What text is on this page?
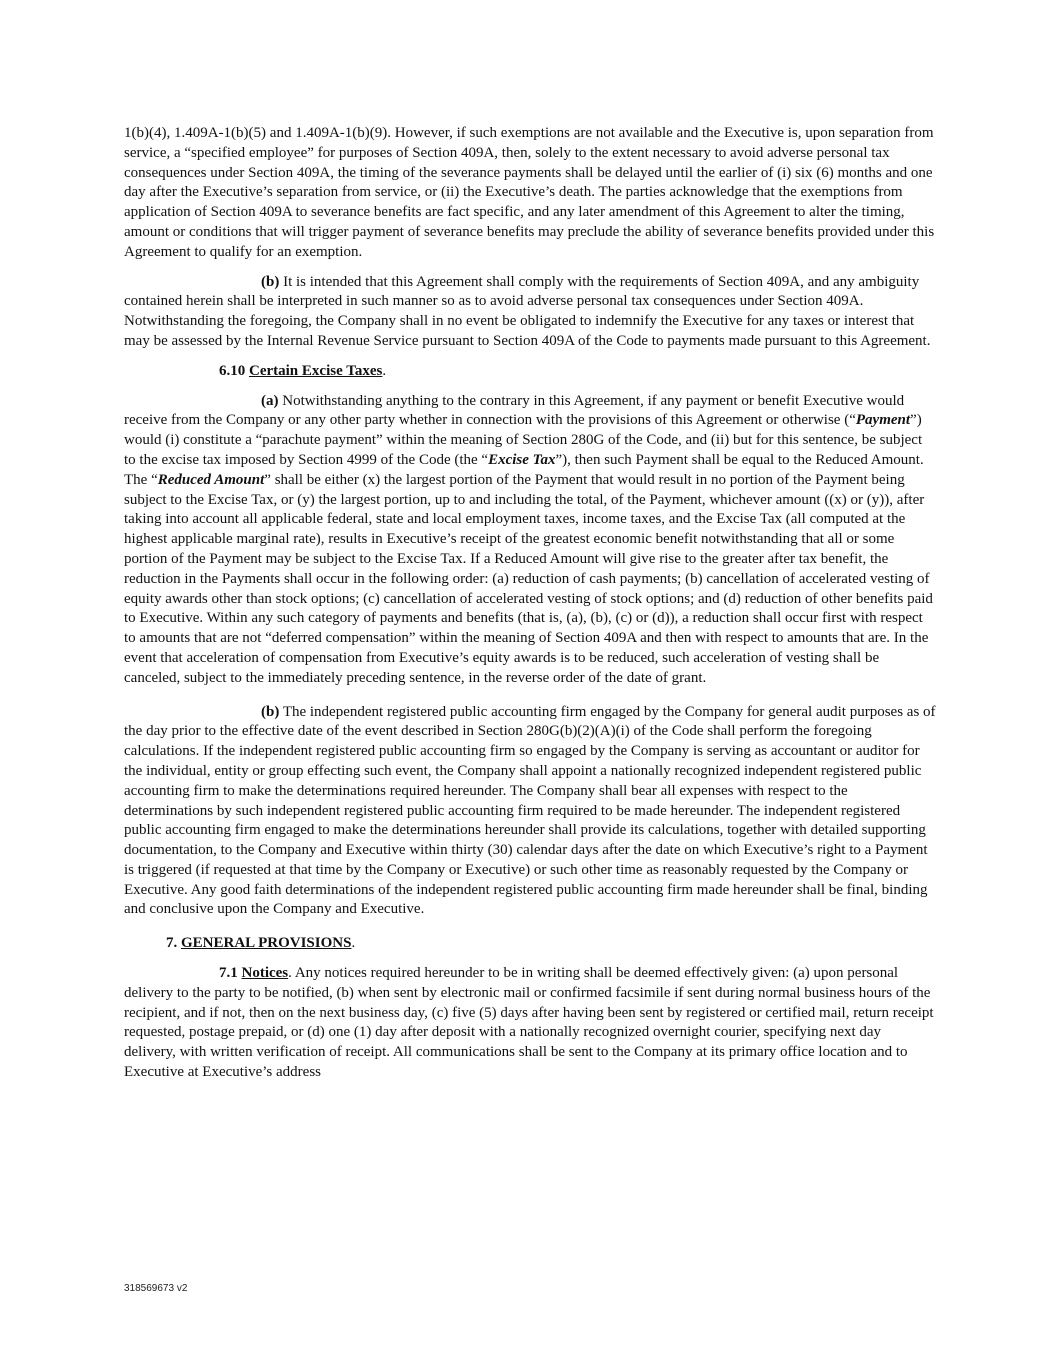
1(b)(4), 1.409A-1(b)(5) and 1.409A-1(b)(9). However, if such exemptions are not available and the Executive is, upon separation from service, a “specified employee” for purposes of Section 409A, then, solely to the extent necessary to avoid adverse personal tax consequences under Section 409A, the timing of the severance payments shall be delayed until the earlier of (i) six (6) months and one day after the Executive’s separation from service, or (ii) the Executive’s death. The parties acknowledge that the exemptions from application of Section 409A to severance benefits are fact specific, and any later amendment of this Agreement to alter the timing, amount or conditions that will trigger payment of severance benefits may preclude the ability of severance benefits provided under this Agreement to qualify for an exemption.

(b) It is intended that this Agreement shall comply with the requirements of Section 409A, and any ambiguity contained herein shall be interpreted in such manner so as to avoid adverse personal tax consequences under Section 409A. Notwithstanding the foregoing, the Company shall in no event be obligated to indemnify the Executive for any taxes or interest that may be assessed by the Internal Revenue Service pursuant to Section 409A of the Code to payments made pursuant to this Agreement.

6.10 Certain Excise Taxes.

(a) Notwithstanding anything to the contrary in this Agreement, if any payment or benefit Executive would receive from the Company or any other party whether in connection with the provisions of this Agreement or otherwise (“Payment”) would (i) constitute a “parachute payment” within the meaning of Section 280G of the Code, and (ii) but for this sentence, be subject to the excise tax imposed by Section 4999 of the Code (the “Excise Tax”), then such Payment shall be equal to the Reduced Amount. The “Reduced Amount” shall be either (x) the largest portion of the Payment that would result in no portion of the Payment being subject to the Excise Tax, or (y) the largest portion, up to and including the total, of the Payment, whichever amount ((x) or (y)), after taking into account all applicable federal, state and local employment taxes, income taxes, and the Excise Tax (all computed at the highest applicable marginal rate), results in Executive’s receipt of the greatest economic benefit notwithstanding that all or some portion of the Payment may be subject to the Excise Tax. If a Reduced Amount will give rise to the greater after tax benefit, the reduction in the Payments shall occur in the following order: (a) reduction of cash payments; (b) cancellation of accelerated vesting of equity awards other than stock options; (c) cancellation of accelerated vesting of stock options; and (d) reduction of other benefits paid to Executive. Within any such category of payments and benefits (that is, (a), (b), (c) or (d)), a reduction shall occur first with respect to amounts that are not “deferred compensation” within the meaning of Section 409A and then with respect to amounts that are. In the event that acceleration of compensation from Executive’s equity awards is to be reduced, such acceleration of vesting shall be canceled, subject to the immediately preceding sentence, in the reverse order of the date of grant.

(b) The independent registered public accounting firm engaged by the Company for general audit purposes as of the day prior to the effective date of the event described in Section 280G(b)(2)(A)(i) of the Code shall perform the foregoing calculations. If the independent registered public accounting firm so engaged by the Company is serving as accountant or auditor for the individual, entity or group effecting such event, the Company shall appoint a nationally recognized independent registered public accounting firm to make the determinations required hereunder. The Company shall bear all expenses with respect to the determinations by such independent registered public accounting firm required to be made hereunder. The independent registered public accounting firm engaged to make the determinations hereunder shall provide its calculations, together with detailed supporting documentation, to the Company and Executive within thirty (30) calendar days after the date on which Executive’s right to a Payment is triggered (if requested at that time by the Company or Executive) or such other time as reasonably requested by the Company or Executive. Any good faith determinations of the independent registered public accounting firm made hereunder shall be final, binding and conclusive upon the Company and Executive.

7. GENERAL PROVISIONS.

7.1 Notices. Any notices required hereunder to be in writing shall be deemed effectively given: (a) upon personal delivery to the party to be notified, (b) when sent by electronic mail or confirmed facsimile if sent during normal business hours of the recipient, and if not, then on the next business day, (c) five (5) days after having been sent by registered or certified mail, return receipt requested, postage prepaid, or (d) one (1) day after deposit with a nationally recognized overnight courier, specifying next day delivery, with written verification of receipt. All communications shall be sent to the Company at its primary office location and to Executive at Executive’s address

318569673 v2
